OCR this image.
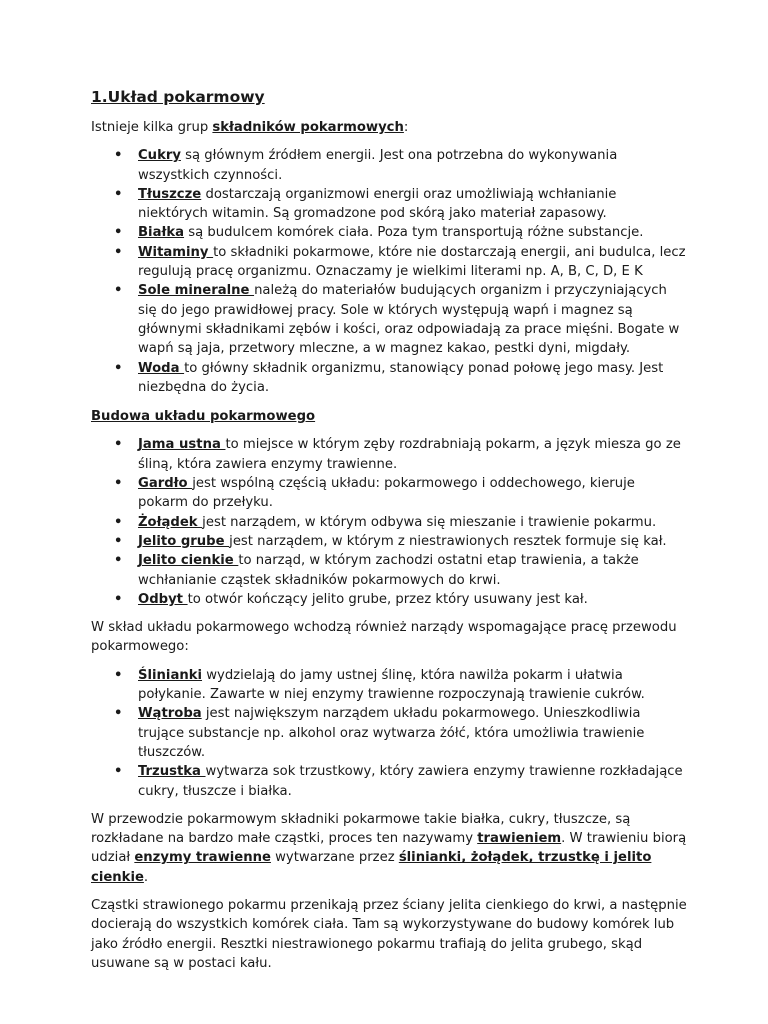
1.Układ pokarmowy

Istnieje kilka grup składników pokarmowych:

• Cukry są głównym źródłem energii. Jest ona potrzebna do wykonywania wszystkich czynności.
• Tłuszcze dostarczają organizmowi energii oraz umożliwiają wchłanianie niektórych witamin. Są gromadzone pod skórą jako materiał zapasowy.
• Białka są budulcem komórek ciała. Poza tym transportują różne substancje.
• Witaminy to składniki pokarmowe, które nie dostarczają energii, ani budulca, lecz regulują pracę organizmu. Oznaczamy je wielkimi literami np. A, B, C, D, E K
• Sole mineralne należą do materiałów budujących organizm i przyczyniających się do jego prawidłowej pracy. Sole w których występują wapń i magnez są głównymi składnikami zębów i kości, oraz odpowiadają za prace mięśni. Bogate w wapń są jaja, przetwory mleczne, a w magnez kakao, pestki dyni, migdały.
• Woda to główny składnik organizmu, stanowiący ponad połowę jego masy. Jest niezbędna do życia.

Budowa układu pokarmowego

• Jama ustna to miejsce w którym zęby rozdrabniają pokarm, a język miesza go ze śliną, która zawiera enzymy trawienne.
• Gardło jest wspólną częścią układu: pokarmowego i oddechowego, kieruje pokarm do przełyku.
• Żołądek jest narządem, w którym odbywa się mieszanie i trawienie pokarmu.
• Jelito grube jest narządem, w którym z niestrawionych resztek formuje się kał.
• Jelito cienkie to narząd, w którym zachodzi ostatni etap trawienia, a także wchłanianie cząstek składników pokarmowych do krwi.
• Odbyt to otwór kończący jelito grube, przez który usuwany jest kał.

W skład układu pokarmowego wchodzą również narządy wspomagające pracę przewodu pokarmowego:

• Ślinianki wydzielają do jamy ustnej ślinę, która nawilża pokarm i ułatwia połykanie. Zawarte w niej enzymy trawienne rozpoczynają trawienie cukrów.
• Wątroba jest największym narządem układu pokarmowego. Unieszkodliwia trujące substancje np. alkohol oraz wytwarza żółć, która umożliwia trawienie tłuszczów.
• Trzustka wytwarza sok trzustkowy, który zawiera enzymy trawienne rozkładające cukry, tłuszcze i białka.

W przewodzie pokarmowym składniki pokarmowe takie białka, cukry, tłuszcze, są rozkładane na bardzo małe cząstki, proces ten nazywamy trawieniem. W trawieniu biorą udział enzymy trawienne wytwarzane przez ślinianki, żołądek, trzustkę i jelito cienkie.

Cząstki strawionego pokarmu przenikają przez ściany jelita cienkiego do krwi, a następnie docierają do wszystkich komórek ciała. Tam są wykorzystywane do budowy komórek lub jako źródło energii. Resztki niestrawionego pokarmu trafiają do jelita grubego, skąd usuwane są w postaci kału.
